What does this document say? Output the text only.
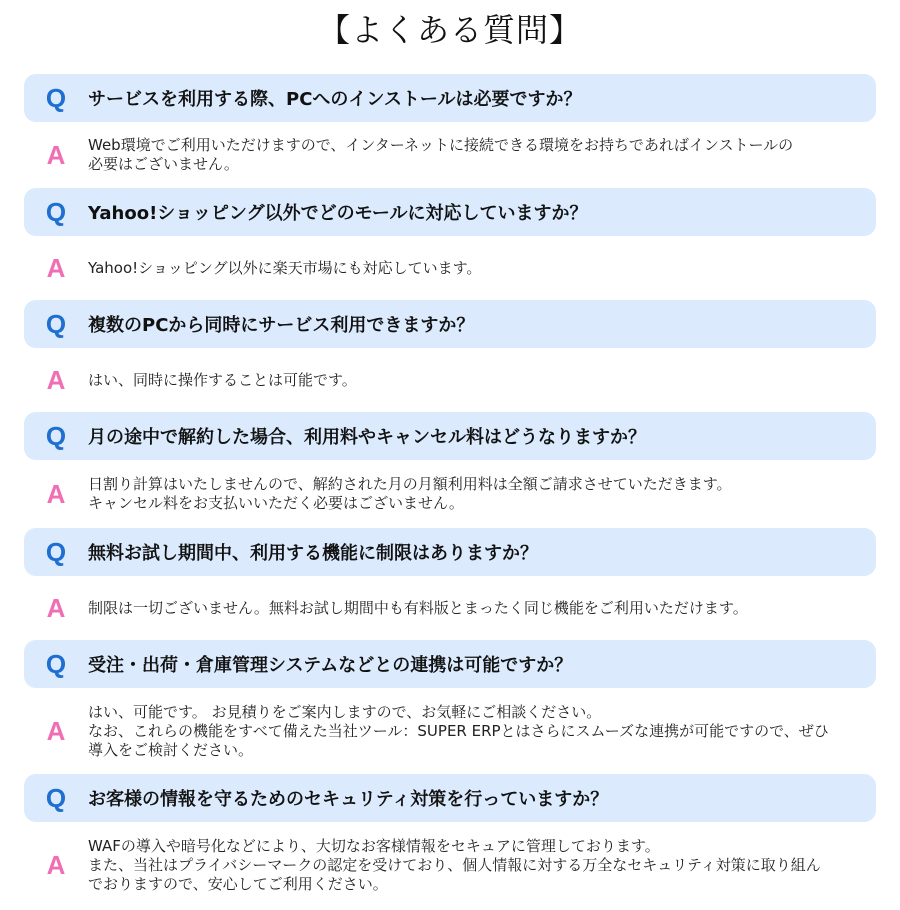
【よくある質問】
Q	サービスを利用する際、PCへのインストールは必要ですか？
A	Web環境でご利用いただけますので、インターネットに接続できる環境をお持ちであればインストールの
必要はございません。
Q	Yahoo!ショッピング以外でどのモールに対応していますか？
A	Yahoo!ショッピング以外に楽天市場にも対応しています。
Q	複数のPCから同時にサービス利用できますか？
A	はい、同時に操作することは可能です。
Q	月の途中で解約した場合、利用料やキャンセル料はどうなりますか？
A	日割り計算はいたしませんので、解約された月の月額利用料は全額ご請求させていただきます。
キャンセル料をお支払いいただく必要はございません。
Q	無料お試し期間中、利用する機能に制限はありますか？
A	制限は一切ございません。無料お試し期間中も有料版とまったく同じ機能をご利用いただけます。
Q	受注・出荷・倉庫管理システムなどとの連携は可能ですか？
A
はい、可能です。 お見積りをご案内しますので、お気軽にご相談ください。
なお、これらの機能をすべて備えた当社ツール：SUPER ERPとはさらにスムーズな連携が可能ですので、ぜひ
導入をご検討ください。
Q	お客様の情報を守るためのセキュリティ対策を行っていますか？
A
WAFの導入や暗号化などにより、大切なお客様情報をセキュアに管理しております。
また、当社はプライバシーマークの認定を受けており、個人情報に対する万全なセキュリティ対策に取り組ん
でおりますので、安心してご利用ください。
